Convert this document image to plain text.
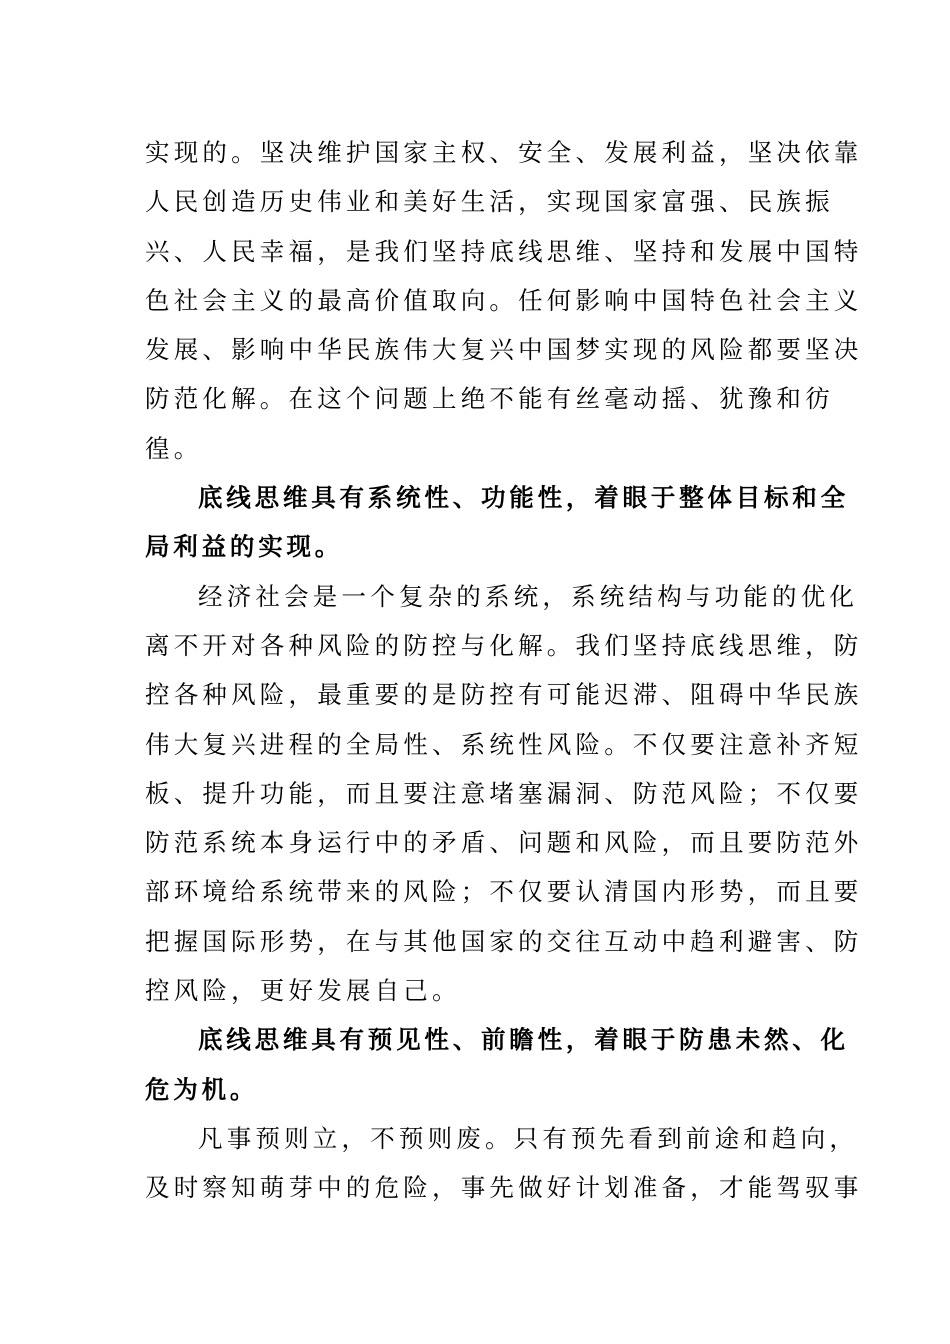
实现的。坚决维护国家主权、安全、发展利益，坚决依靠
人民创造历史伟业和美好生活，实现国家富强、民族振
兴、人民幸福，是我们坚持底线思维、坚持和发展中国特
色社会主义的最高价值取向。任何影响中国特色社会主义
发展、影响中华民族伟大复兴中国梦实现的风险都要坚决
防范化解。在这个问题上绝不能有丝毫动摇、犹豫和彷
徨。
底线思维具有系统性、功能性，着眼于整体目标和全
局利益的实现。
经济社会是一个复杂的系统，系统结构与功能的优化
离不开对各种风险的防控与化解。我们坚持底线思维，防
控各种风险，最重要的是防控有可能迟滞、阻碍中华民族
伟大复兴进程的全局性、系统性风险。不仅要注意补齐短
板、提升功能，而且要注意堵塞漏洞、防范风险；不仅要
防范系统本身运行中的矛盾、问题和风险，而且要防范外
部环境给系统带来的风险；不仅要认清国内形势，而且要
把握国际形势，在与其他国家的交往互动中趋利避害、防
控风险，更好发展自己。
底线思维具有预见性、前瞻性，着眼于防患未然、化
危为机。
凡事预则立，不预则废。只有预先看到前途和趋向，
及时察知萌芽中的危险，事先做好计划准备，才能驾驭事
